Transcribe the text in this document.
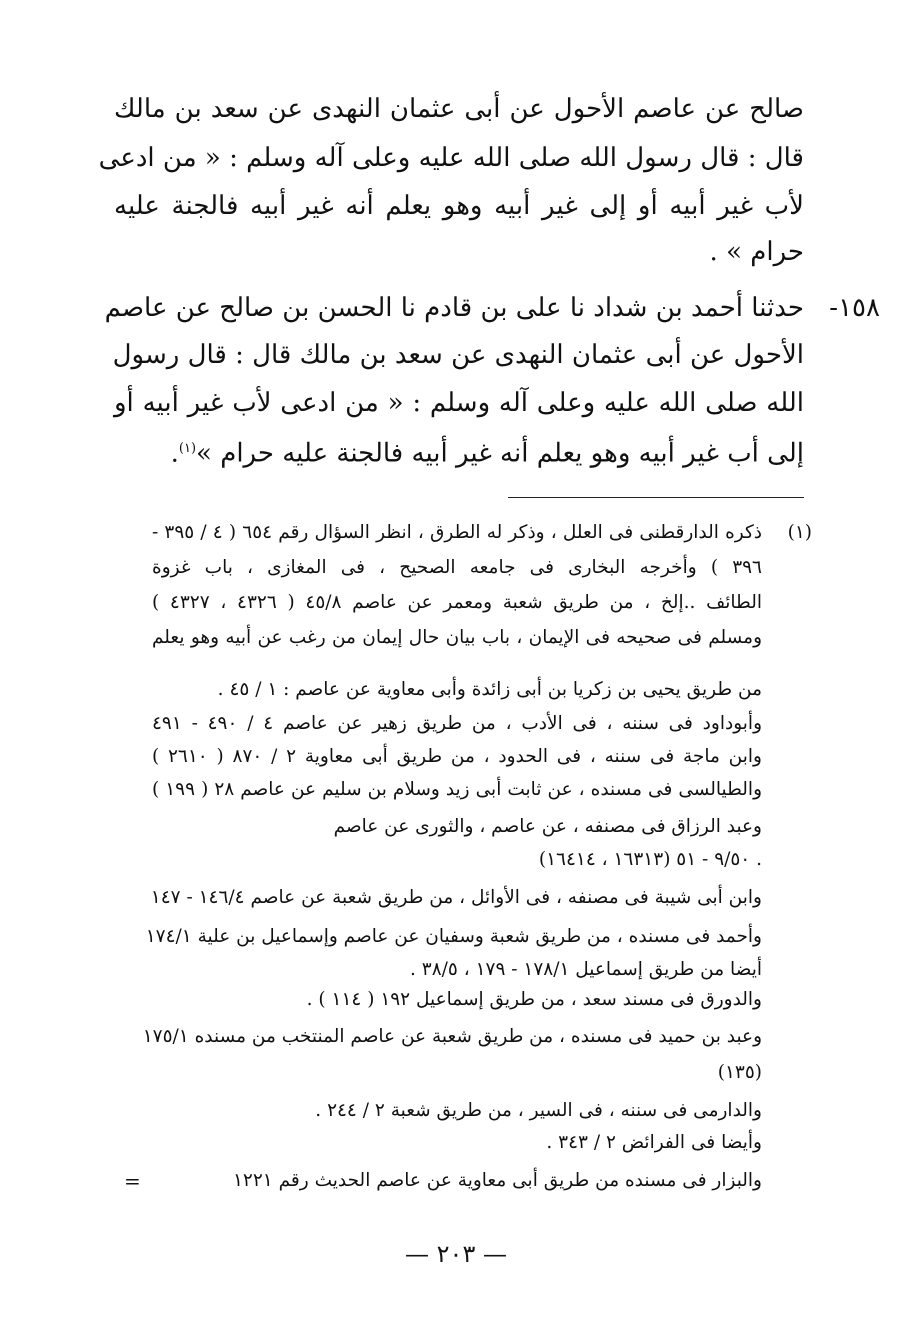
صالح عن عاصم الأحول عن أبى عثمان النهدى عن سعد بن مالك
قال : قال رسول الله صلى الله عليه وعلى آله وسلم : « من ادعى
لأب غير أبيه أو إلى غير أبيه وهو يعلم أنه غير أبيه فالجنة عليه
حرام » .
١٥٨-
حدثنا أحمد بن شداد نا على بن قادم نا الحسن بن صالح عن عاصم
الأحول عن أبى عثمان النهدى عن سعد بن مالك قال : قال رسول
الله صلى الله عليه وعلى آله وسلم : « من ادعى لأب غير أبيه أو
إلى أب غير أبيه وهو يعلم أنه غير أبيه فالجنة عليه حرام »$^{(١)}$.
(١)
ذكره الدارقطنى فى العلل ، وذكر له الطرق ، انظر السؤال رقم ٦٥٤ ( ٤ / ٣٩٥ -
٣٩٦ ) وأخرجه البخارى فى جامعه الصحيح ، فى المغازى ، باب غزوة
الطائف ..إلخ ، من طريق شعبة ومعمر عن عاصم ٤٥/٨ ( ٤٣٢٦ ، ٤٣٢٧ )
ومسلم فى صحيحه فى الإيمان ، باب بيان حال إيمان من رغب عن أبيه وهو يعلم
من طريق يحيى بن زكريا بن أبى زائدة وأبى معاوية عن عاصم : ١ / ٤٥ .
وأبوداود فى سننه ، فى الأدب ، من طريق زهير عن عاصم ٤ / ٤٩٠ - ٤٩١
وابن ماجة فى سننه ، فى الحدود ، من طريق أبى معاوية ٢ / ٨٧٠ ( ٢٦١٠ )
والطيالسى فى مسنده ، عن ثابت أبى زيد وسلام بن سليم عن عاصم ٢٨ ( ١٩٩ )
وعبد الرزاق فى مصنفه ، عن عاصم ، والثورى عن عاصم
٩/٥٠ - ٥١ (١٦٣١٣ ، ١٦٤١٤) .
وابن أبى شيبة فى مصنفه ، فى الأوائل ، من طريق شعبة عن عاصم ١٤٦/٤ - ١٤٧
وأحمد فى مسنده ، من طريق شعبة وسفيان عن عاصم وإسماعيل بن علية ١٧٤/١
أيضا من طريق إسماعيل ١٧٨/١ - ١٧٩ ، ٣٨/٥ .
والدورق فى مسند سعد ، من طريق إسماعيل ١٩٢ ( ١١٤ ) .
وعبد بن حميد فى مسنده ، من طريق شعبة عن عاصم المنتخب من مسنده ١٧٥/١
(١٣٥)
والدارمى فى سننه ، فى السير ، من طريق شعبة ٢ / ٢٤٤ .
وأيضا فى الفرائض ٢ / ٣٤٣ .
والبزار فى مسنده من طريق أبى معاوية عن عاصم الحديث رقم ١٢٢١
=
— ٢٠٣ —
